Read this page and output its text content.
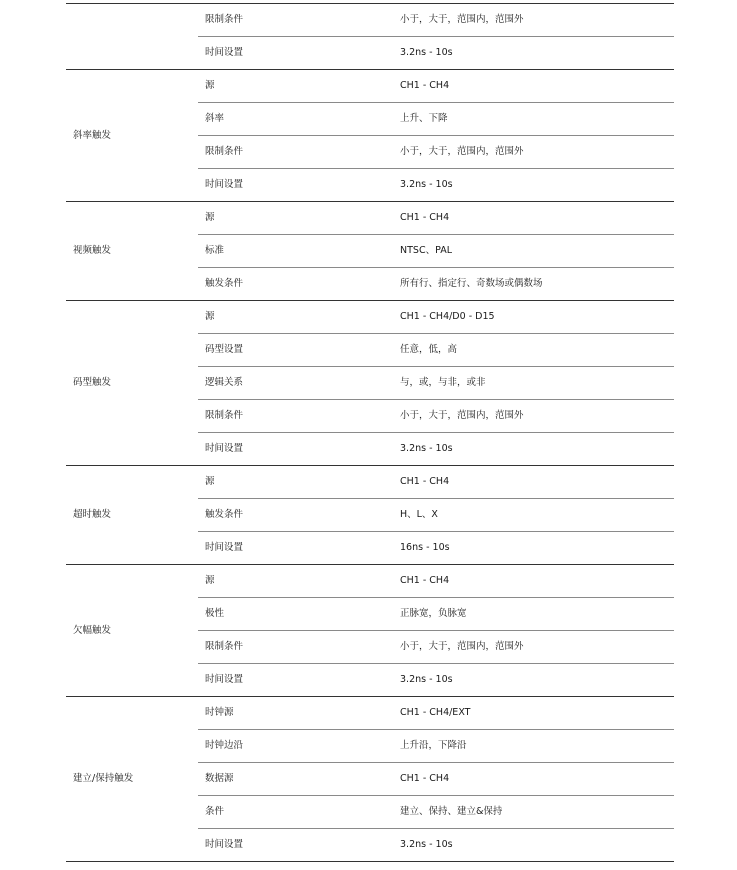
	限制条件	小于，大于，范围内，范围外
	时间设置	3.2ns - 10s
斜率触发	源	CH1 - CH4
	斜率	上升、下降
	限制条件	小于，大于，范围内，范围外
	时间设置	3.2ns - 10s
视频触发	源	CH1 - CH4
	标准	NTSC、PAL
	触发条件	所有行、指定行、奇数场或偶数场
码型触发	源	CH1 - CH4/D0 - D15
	码型设置	任意，低，高
	逻辑关系	与，或，与非，或非
	限制条件	小于，大于，范围内，范围外
	时间设置	3.2ns - 10s
超时触发	源	CH1 - CH4
	触发条件	H、L、X
	时间设置	16ns - 10s
欠幅触发	源	CH1 - CH4
	极性	正脉宽，负脉宽
	限制条件	小于，大于，范围内，范围外
	时间设置	3.2ns - 10s
建立/保持触发	时钟源	CH1 - CH4/EXT
	时钟边沿	上升沿，下降沿
	数据源	CH1 - CH4
	条件	建立、保持、建立&保持
	时间设置	3.2ns - 10s
